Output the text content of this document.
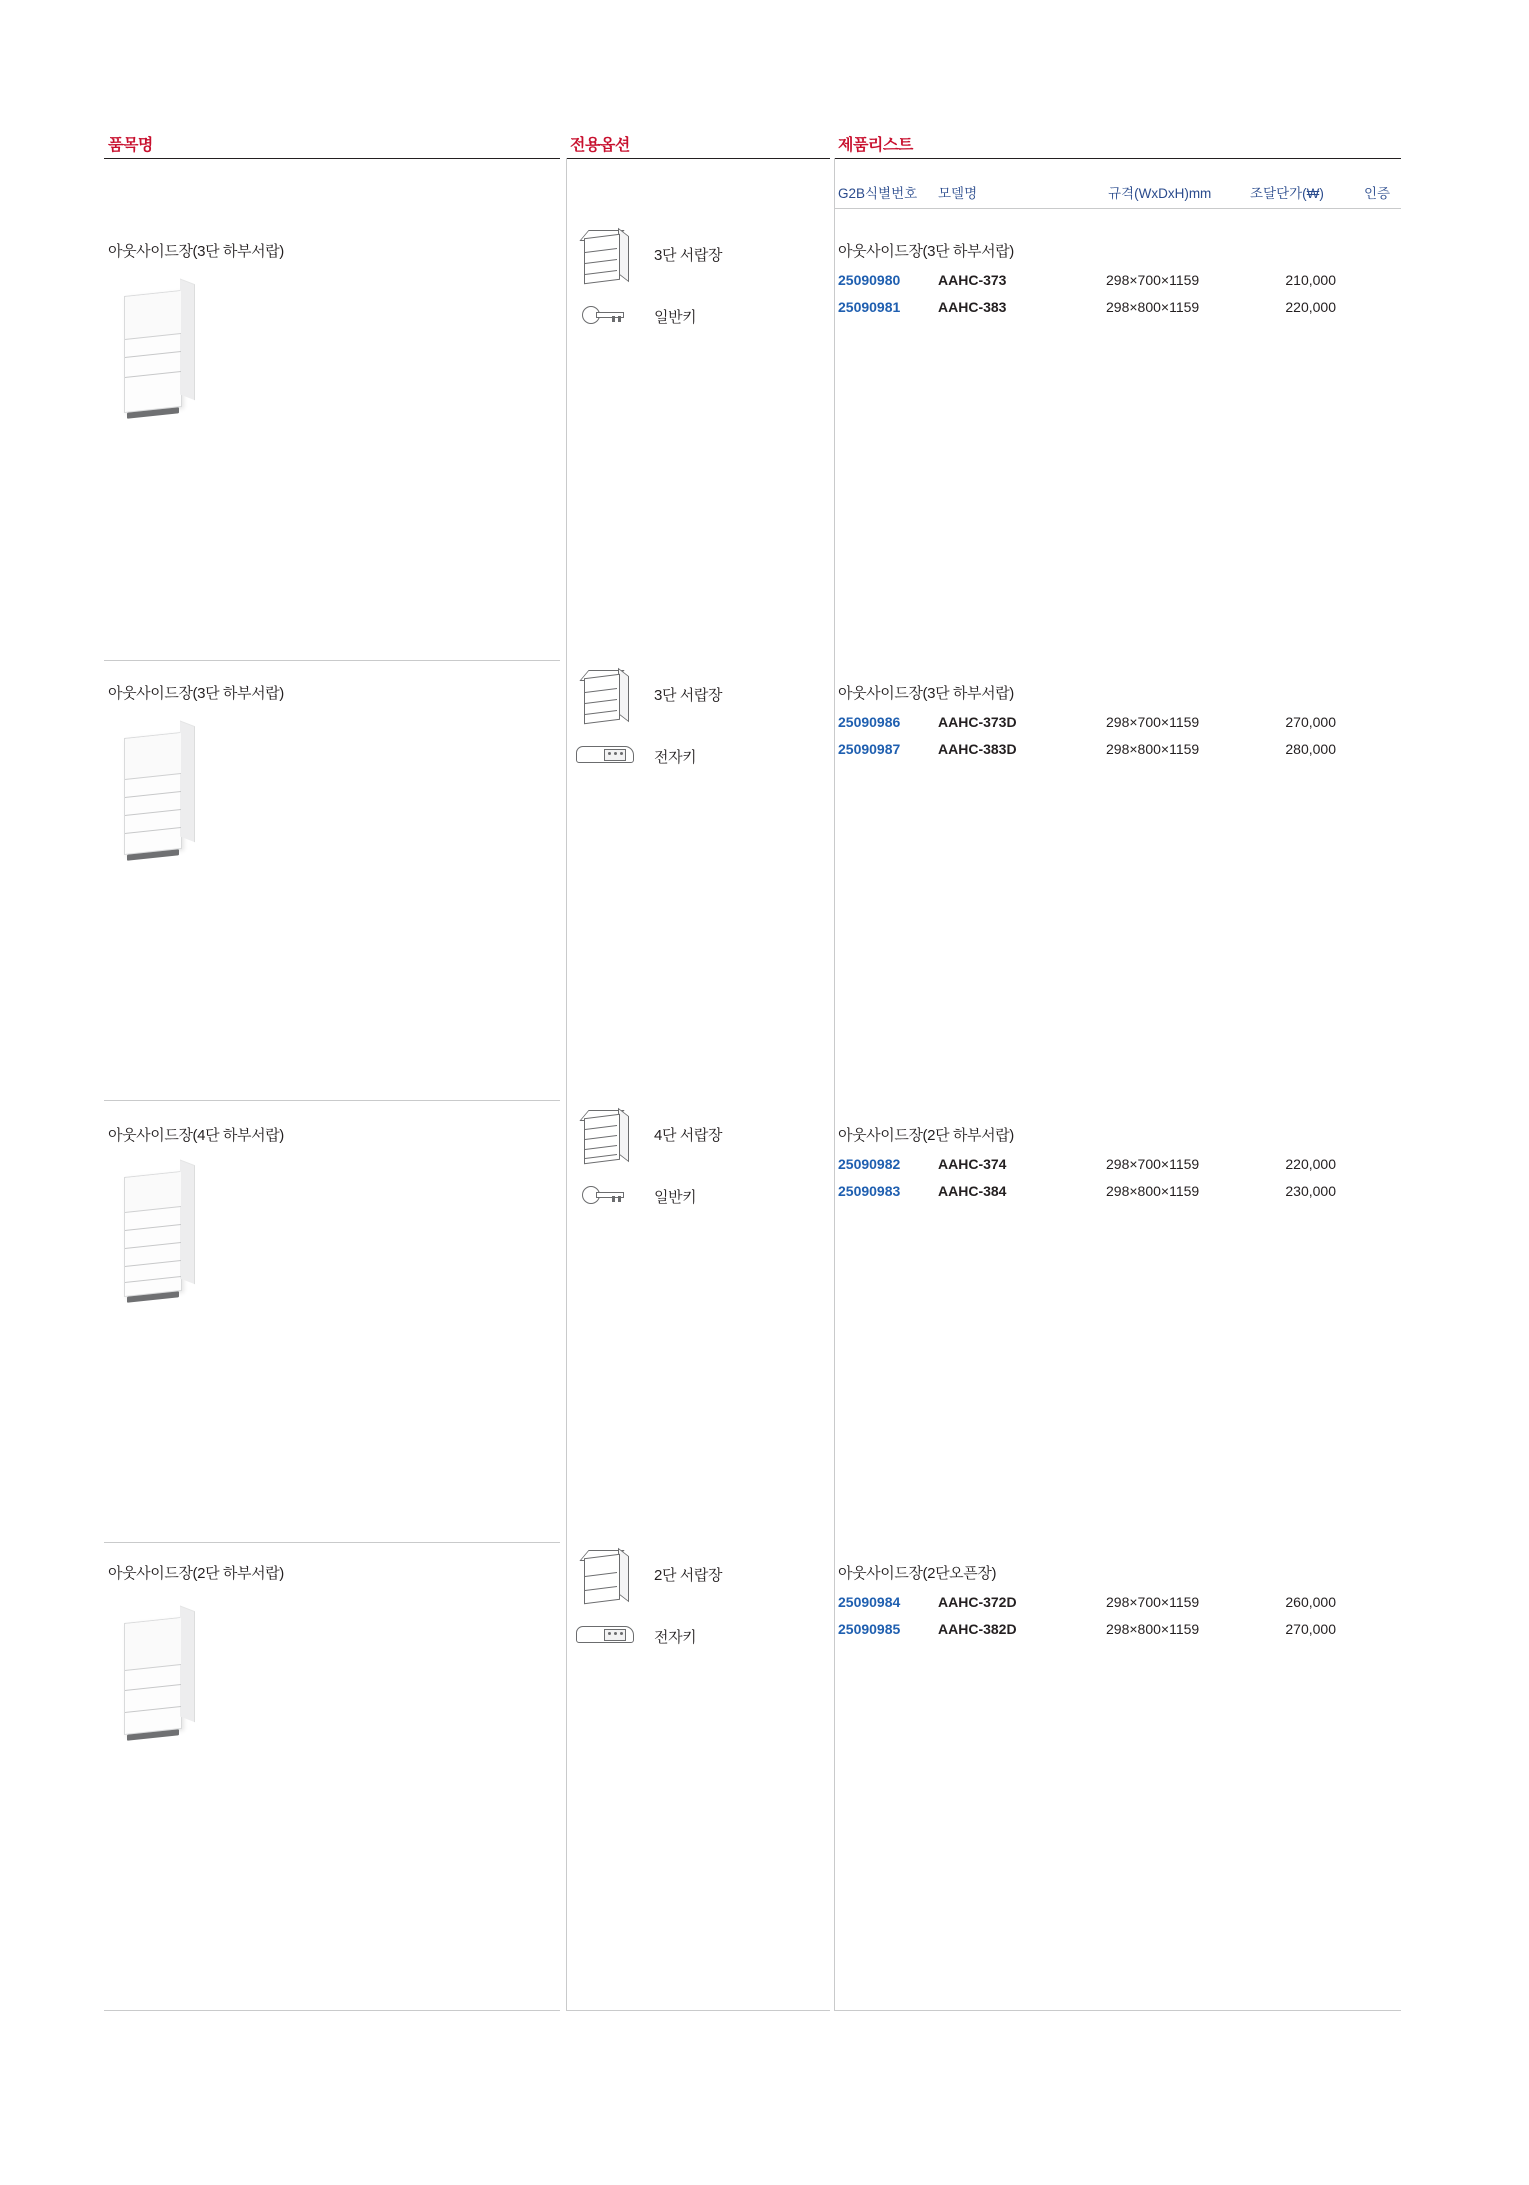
품목명	전용옵션	제품리스트
G2B식별번호 모델명	규격(WxDxH)mm	조달단가(₩)	인증
아웃사이드장(3단 하부서랍)	3단 서랍장
일반키
아웃사이드장(3단 하부서랍)
25090980	AAHC-373	298×700×1159	210,000
25090981	AAHC-383	298×800×1159	220,000
아웃사이드장(3단 하부서랍)	3단 서랍장
전자키
아웃사이드장(3단 하부서랍)
25090986	AAHC-373D	298×700×1159	270,000
25090987	AAHC-383D	298×800×1159	280,000
아웃사이드장(4단 하부서랍)	4단 서랍장
일반키
아웃사이드장(2단 하부서랍)
25090982	AAHC-374	298×700×1159	220,000
25090983	AAHC-384	298×800×1159	230,000
아웃사이드장(2단 하부서랍)	2단 서랍장
전자키
아웃사이드장(2단오픈장)
25090984	AAHC-372D	298×700×1159	260,000
25090985	AAHC-382D	298×800×1159	270,000
